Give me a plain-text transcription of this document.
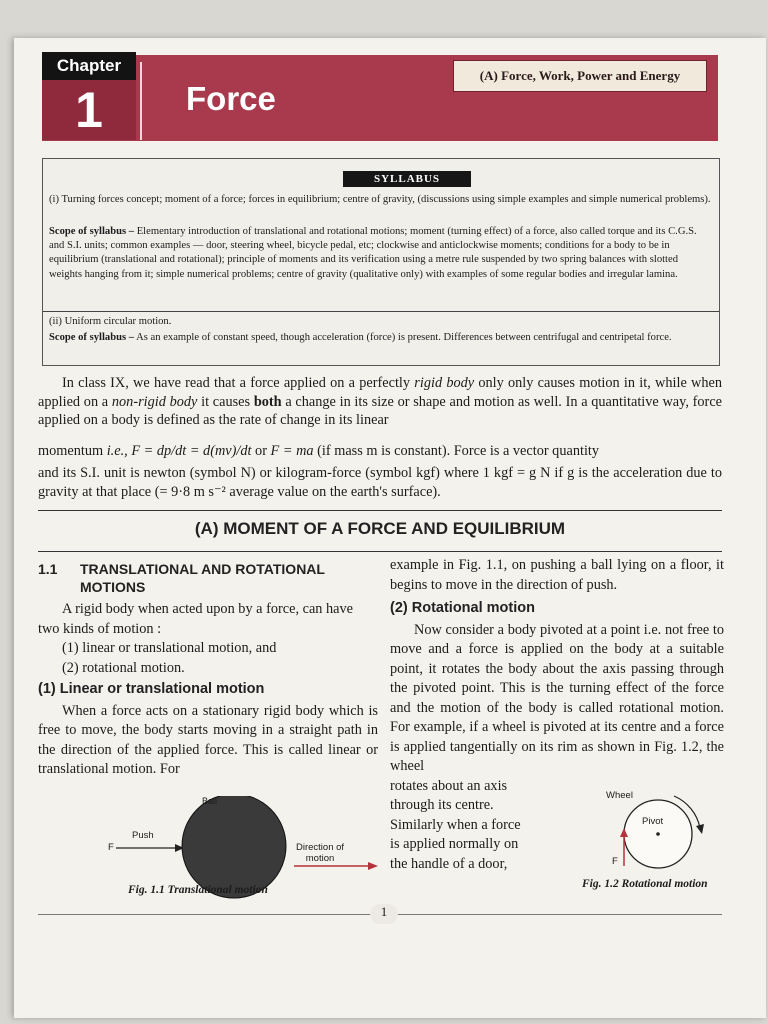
Chapter
1	Force
(A) Force, Work, Power and Energy
SYLLABUS
(i) Turning forces concept; moment of a force; forces in equilibrium; centre of gravity, (discussions using simple examples and simple numerical problems).
Scope of syllabus – Elementary introduction of translational and rotational motions; moment (turning effect) of a force, also called torque and its C.G.S. and S.I. units; common examples — door, steering wheel, bicycle pedal, etc; clockwise and anticlockwise moments; conditions for a body to be in equilibrium (translational and rotational); principle of moments and its verification using a metre rule suspended by two spring balances with slotted weights hanging from it; simple numerical problems; centre of gravity (qualitative only) with examples of some regular bodies and irregular lamina.
(ii) Uniform circular motion.
Scope of syllabus – As an example of constant speed, though acceleration (force) is present. Differences between centrifugal and centripetal force.
In class IX, we have read that a force applied on a perfectly rigid body only only causes motion in it, while when applied on a non-rigid body it causes both a change in its size or shape and motion as well. In a quantitative way, force applied on a body is defined as the rate of change in its linear
momentum i.e., F = dp/dt = d(mv)/dt or F = ma (if mass m is constant). Force is a vector quantity
and its S.I. unit is newton (symbol N) or kilogram-force (symbol kgf) where 1 kgf = g N if g is the acceleration due to gravity at that place (= 9·8 m s⁻² average value on the earth's surface).
(A) MOMENT OF A FORCE AND EQUILIBRIUM
1.1	TRANSLATIONAL AND ROTATIONAL MOTIONS
A rigid body when acted upon by a force, can have two kinds of motion :
(1) linear or translational motion, and
(2) rotational motion.
(1) Linear or translational motion
When a force acts on a stationary rigid body which is free to move, the body starts moving in a straight path in the direction of the applied force. This is called linear or translational motion. For
Ball
Push
F	Direction of
motion
Fig. 1.1 Translational motion
example in Fig. 1.1, on pushing a ball lying on a floor, it begins to move in the direction of push.
(2) Rotational motion
Now consider a body pivoted at a point i.e. not free to move and a force is applied on the body at a suitable point, it rotates the body about the axis passing through the pivoted point. This is the turning effect of the force and the motion of the body is called rotational motion. For example, if a wheel is pivoted at its centre and a force is applied tangentially on its rim as shown in Fig. 1.2, the wheel
rotates about an axis
through its centre.
Similarly when a force
is applied normally on
the handle of a door,
Wheel
Pivot
F
Fig. 1.2 Rotational motion
1
